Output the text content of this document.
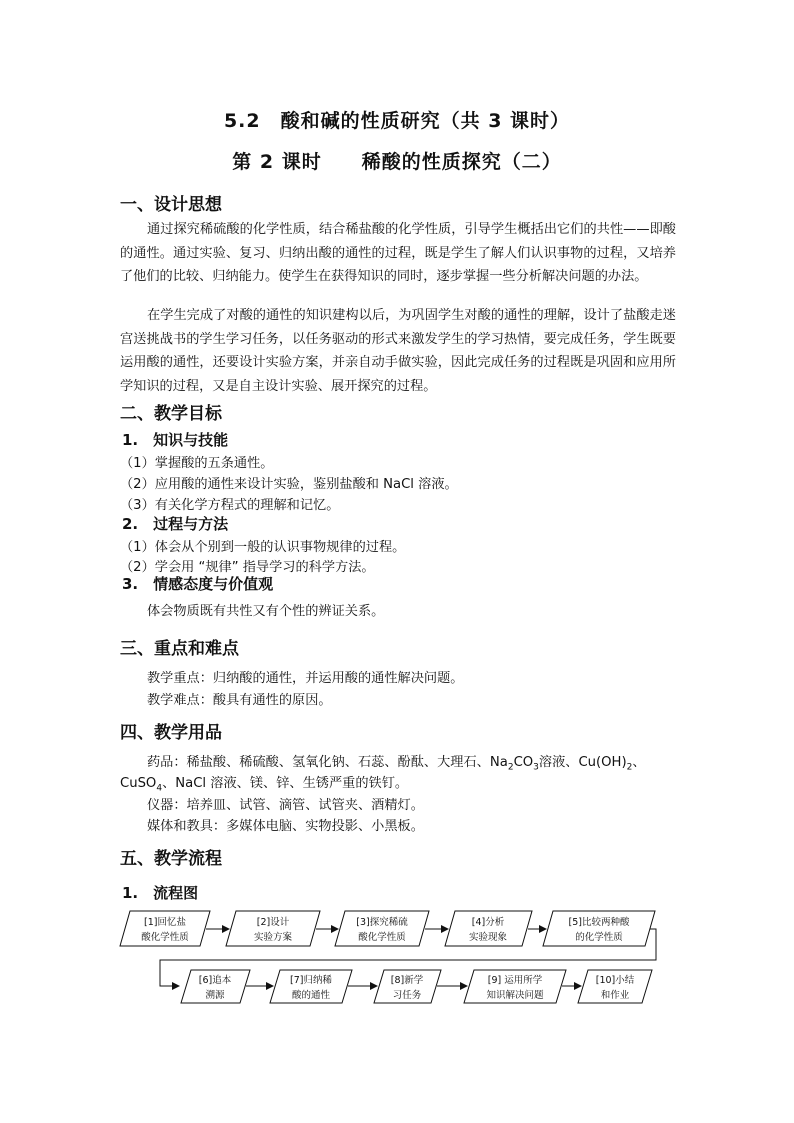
5.2　酸和碱的性质研究（共 3 课时）
第 2 课时　　稀酸的性质探究（二）
一、设计思想
通过探究稀硫酸的化学性质，结合稀盐酸的化学性质，引导学生概括出它们的共性——即酸的通性。通过实验、复习、归纳出酸的通性的过程，既是学生了解人们认识事物的过程，又培养了他们的比较、归纳能力。使学生在获得知识的同时，逐步掌握一些分析解决问题的办法。
在学生完成了对酸的通性的知识建构以后，为巩固学生对酸的通性的理解，设计了盐酸走迷宫送挑战书的学生学习任务，以任务驱动的形式来激发学生的学习热情，要完成任务，学生既要运用酸的通性，还要设计实验方案，并亲自动手做实验，因此完成任务的过程既是巩固和应用所学知识的过程，又是自主设计实验、展开探究的过程。
二、教学目标
1.　知识与技能
（1）掌握酸的五条通性。
（2）应用酸的通性来设计实验，鉴别盐酸和 NaCl 溶液。
（3）有关化学方程式的理解和记忆。
2.　过程与方法
（1）体会从个别到一般的认识事物规律的过程。
（2）学会用 “规律” 指导学习的科学方法。
3.　情感态度与价值观
体会物质既有共性又有个性的辨证关系。
三、重点和难点
教学重点：归纳酸的通性，并运用酸的通性解决问题。
教学难点：酸具有通性的原因。
四、教学用品
药品：稀盐酸、稀硫酸、氢氧化钠、石蕊、酚酞、大理石、$Na_2CO_3$溶液、$Cu(OH)_2$、
CuSO$_4$、NaCl 溶液、镁、锌、生锈严重的铁钉。
仪器：培养皿、试管、滴管、试管夹、酒精灯。
媒体和教具：多媒体电脑、实物投影、小黑板。
五、教学流程
1.　流程图
[1]回忆盐
酸化学性质
[2]设计
实验方案
[3]探究稀硫
酸化学性质
[4]分析
实验现象
[5]比较两种酸
的化学性质
[6]追本
溯源
[7]归纳稀
酸的通性
[8]新学
习任务
[9] 运用所学
知识解决问题
[10]小结
和作业
